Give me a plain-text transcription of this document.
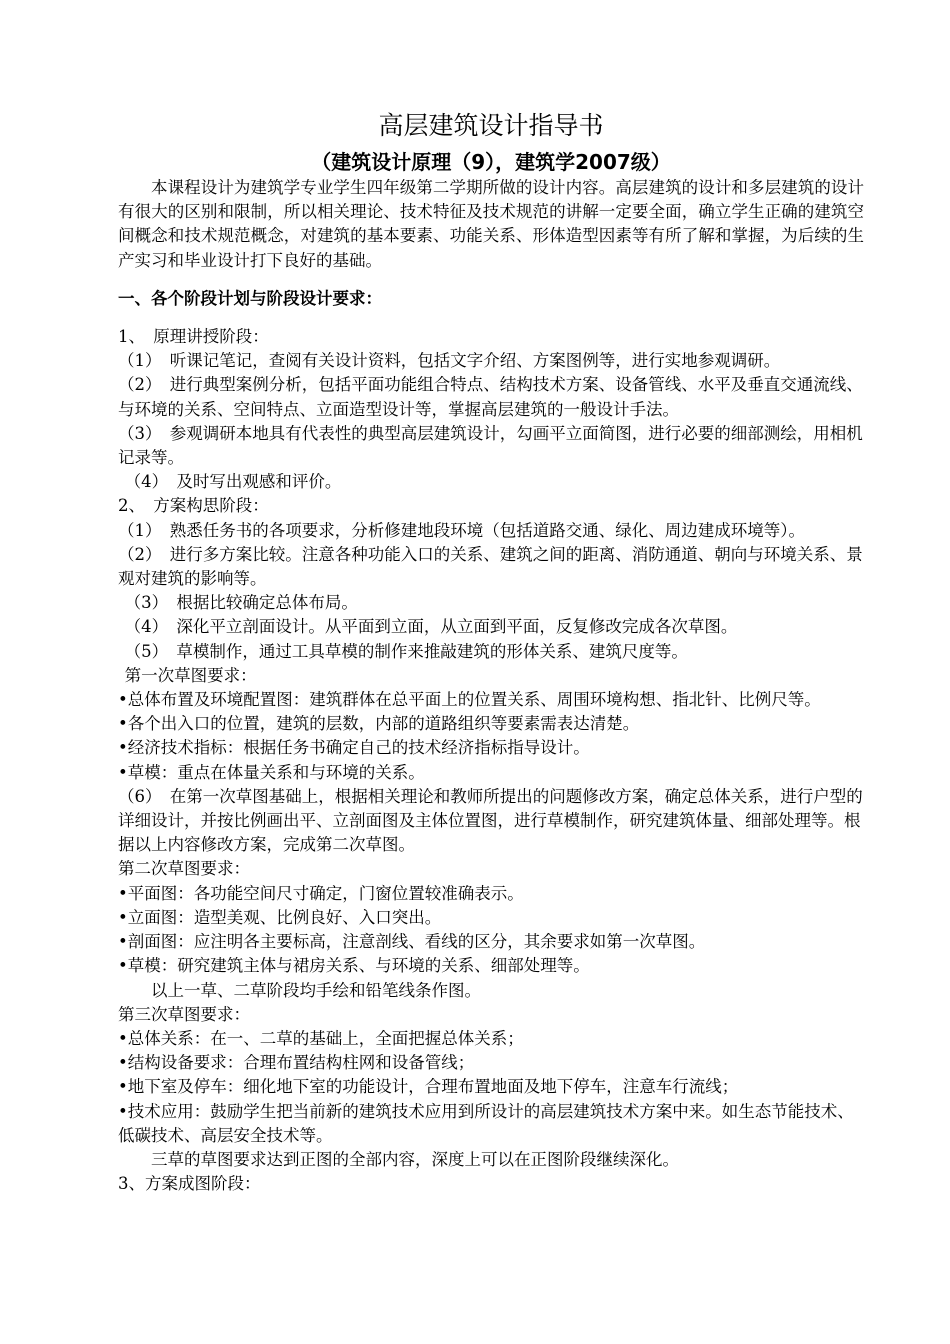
高层建筑设计指导书
（建筑设计原理（9），建筑学2007级）

本课程设计为建筑学专业学生四年级第二学期所做的设计内容。高层建筑的设计和多层建筑的设计有很大的区别和限制，所以相关理论、技术特征及技术规范的讲解一定要全面，确立学生正确的建筑空间概念和技术规范概念，对建筑的基本要素、功能关系、形体造型因素等有所了解和掌握，为后续的生产实习和毕业设计打下良好的基础。

一、各个阶段计划与阶段设计要求：

1、　原理讲授阶段：

（1）　听课记笔记，查阅有关设计资料，包括文字介绍、方案图例等，进行实地参观调研。

（2）　进行典型案例分析，包括平面功能组合特点、结构技术方案、设备管线、水平及垂直交通流线、与环境的关系、空间特点、立面造型设计等，掌握高层建筑的一般设计手法。

（3）　参观调研本地具有代表性的典型高层建筑设计，勾画平立面简图，进行必要的细部测绘，用相机记录等。

（4）　及时写出观感和评价。

2、　方案构思阶段：

（1）　熟悉任务书的各项要求，分析修建地段环境（包括道路交通、绿化、周边建成环境等）。

（2）　进行多方案比较。注意各种功能入口的关系、建筑之间的距离、消防通道、朝向与环境关系、景观对建筑的影响等。

（3）　根据比较确定总体布局。

（4）　深化平立剖面设计。从平面到立面，从立面到平面，反复修改完成各次草图。

（5）　草模制作，通过工具草模的制作来推敲建筑的形体关系、建筑尺度等。

第一次草图要求：

•总体布置及环境配置图：建筑群体在总平面上的位置关系、周围环境构想、指北针、比例尺等。

•各个出入口的位置，建筑的层数，内部的道路组织等要素需表达清楚。

•经济技术指标：根据任务书确定自己的技术经济指标指导设计。

•草模：重点在体量关系和与环境的关系。

（6）　在第一次草图基础上，根据相关理论和教师所提出的问题修改方案，确定总体关系，进行户型的详细设计，并按比例画出平、立剖面图及主体位置图，进行草模制作，研究建筑体量、细部处理等。根据以上内容修改方案，完成第二次草图。

第二次草图要求：

•平面图：各功能空间尺寸确定，门窗位置较准确表示。

•立面图：造型美观、比例良好、入口突出。

•剖面图：应注明各主要标高，注意剖线、看线的区分，其余要求如第一次草图。

•草模：研究建筑主体与裙房关系、与环境的关系、细部处理等。

以上一草、二草阶段均手绘和铅笔线条作图。

第三次草图要求：

•总体关系：在一、二草的基础上，全面把握总体关系；

•结构设备要求：合理布置结构柱网和设备管线；

•地下室及停车：细化地下室的功能设计，合理布置地面及地下停车，注意车行流线；

•技术应用：鼓励学生把当前新的建筑技术应用到所设计的高层建筑技术方案中来。如生态节能技术、低碳技术、高层安全技术等。

三草的草图要求达到正图的全部内容，深度上可以在正图阶段继续深化。

3、方案成图阶段：
